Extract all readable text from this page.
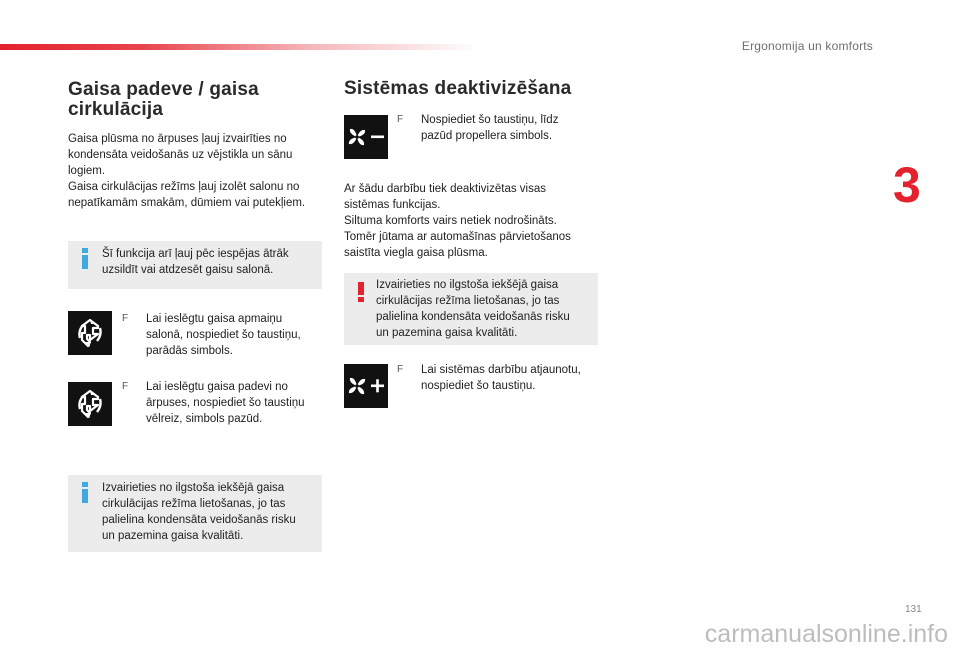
Ergonomija un komforts
3
Gaisa padeve / gaisa
cirkulācija

Gaisa plūsma no ārpuses ļauj izvairīties no

kondensāta veidošanās uz vējstikla un sānu

logiem.

Gaisa cirkulācijas režīms ļauj izolēt salonu no

nepatīkamām smakām, dūmiem vai putekļiem.

Šī funkcija arī ļauj pēc iespējas ātrāk
uzsildīt vai atdzesēt gaisu salonā.
F Lai ieslēgtu gaisa apmaiņu
salonā, nospiediet šo taustiņu,
parādās simbols.
F Lai ieslēgtu gaisa padevi no
ārpuses, nospiediet šo taustiņu
vēlreiz, simbols pazūd.
Izvairieties no ilgstoša iekšējā gaisa
cirkulācijas režīma lietošanas, jo tas
palielina kondensāta veidošanās risku
un pazemina gaisa kvalitāti.
Sistēmas deaktivizēšana
F Nospiediet šo taustiņu, līdz
pazūd propellera simbols.

Ar šādu darbību tiek deaktivizētas visas

sistēmas funkcijas.

Siltuma komforts vairs netiek nodrošināts.

Tomēr jūtama ar automašīnas pārvietošanos

saistīta viegla gaisa plūsma.

Izvairieties no ilgstoša iekšējā gaisa
cirkulācijas režīma lietošanas, jo tas
palielina kondensāta veidošanās risku
un pazemina gaisa kvalitāti.
F Lai sistēmas darbību atjaunotu,
nospiediet šo taustiņu.
131
carmanualsonline.info
